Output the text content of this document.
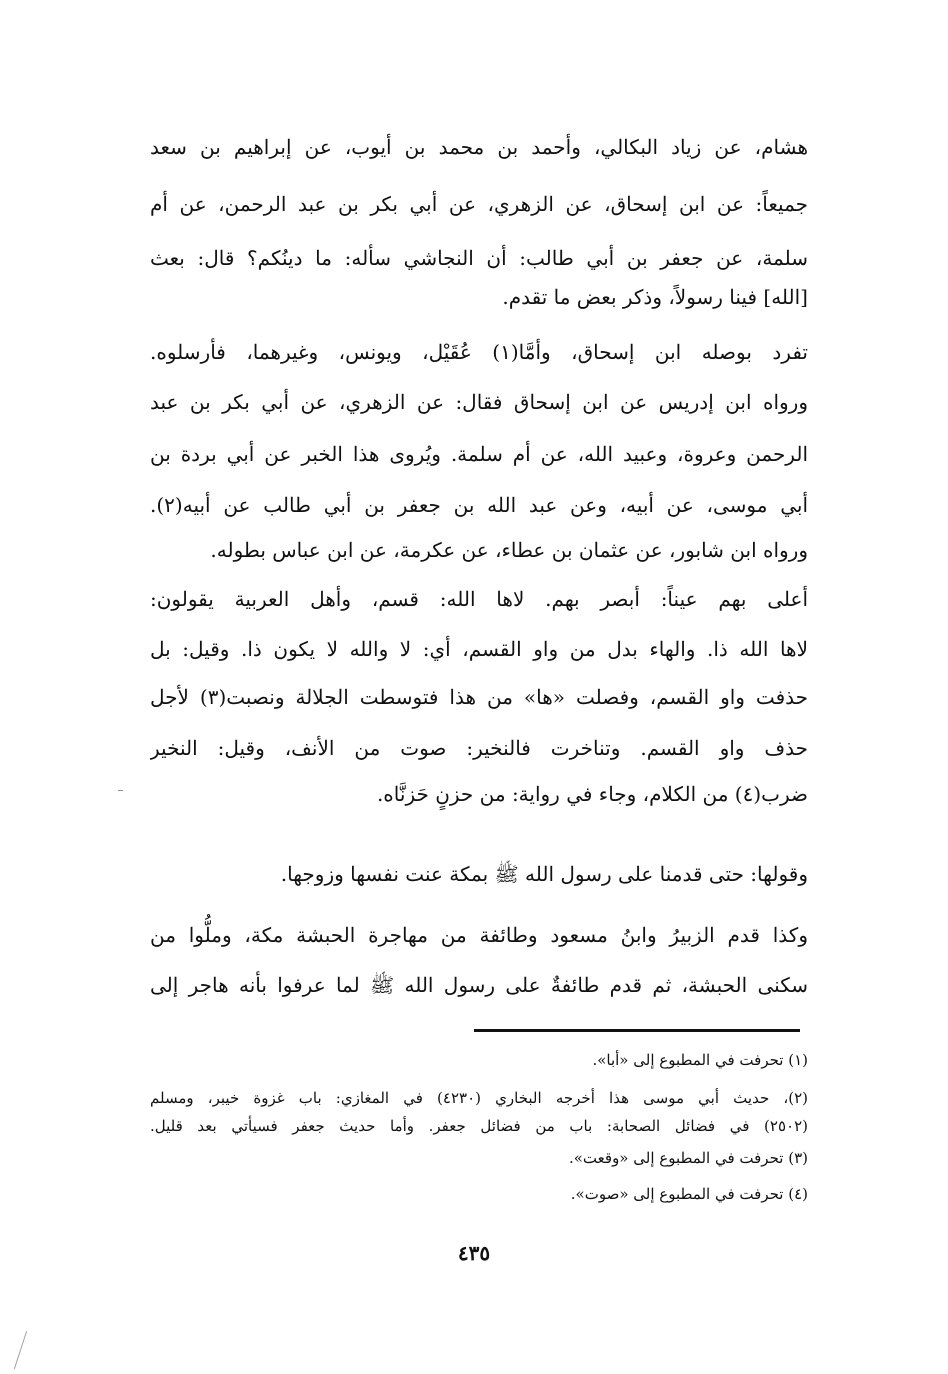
هشام، عن زياد البكالي، وأحمد بن محمد بن أيوب، عن إبراهيم بن سعد
جميعاً: عن ابن إسحاق، عن الزهري، عن أبي بكر بن عبد الرحمن، عن أم
سلمة، عن جعفر بن أبي طالب: أن النجاشي سأله: ما دينُكم؟ قال: بعث
[الله] فينا رسولاً، وذكر بعض ما تقدم.
تفرد بوصله ابن إسحاق، وأمَّا(١) عُقَيْل، ويونس، وغيرهما، فأرسلوه.
ورواه ابن إدريس عن ابن إسحاق فقال: عن الزهري، عن أبي بكر بن عبد
الرحمن وعروة، وعبيد الله، عن أم سلمة. ويُروى هذا الخبر عن أبي بردة بن
أبي موسى، عن أبيه، وعن عبد الله بن جعفر بن أبي طالب عن أبيه(٢).
ورواه ابن شابور، عن عثمان بن عطاء، عن عكرمة، عن ابن عباس بطوله.
أعلى بهم عيناً: أبصر بهم. لاها الله: قسم، وأهل العربية يقولون:
لاها الله ذا. والهاء بدل من واو القسم، أي: لا والله لا يكون ذا. وقيل: بل
حذفت واو القسم، وفصلت «ها» من هذا فتوسطت الجلالة ونصبت(٣) لأجل
حذف واو القسم. وتناخرت فالنخير: صوت من الأنف، وقيل: النخير
ضرب(٤) من الكلام، وجاء في رواية: من حزنٍ حَزنَّاه.
وقولها: حتى قدمنا على رسول الله ﷺ بمكة عنت نفسها وزوجها.
وكذا قدم الزبيرُ وابنُ مسعود وطائفة من مهاجرة الحبشة مكة، وملُّوا من
سكنى الحبشة، ثم قدم طائفةٌ على رسول الله ﷺ لما عرفوا بأنه هاجر إلى
(١) تحرفت في المطبوع إلى «أبا».
(٢)، حديث أبي موسى هذا أخرجه البخاري (٤٢٣٠) في المغازي: باب غزوة خيبر، ومسلم
(٢٥٠٢) في فضائل الصحابة: باب من فضائل جعفر. وأما حديث جعفر فسيأتي بعد قليل.
(٣) تحرفت في المطبوع إلى «وقعت».
(٤) تحرفت في المطبوع إلى «صوت».
٤٣٥
